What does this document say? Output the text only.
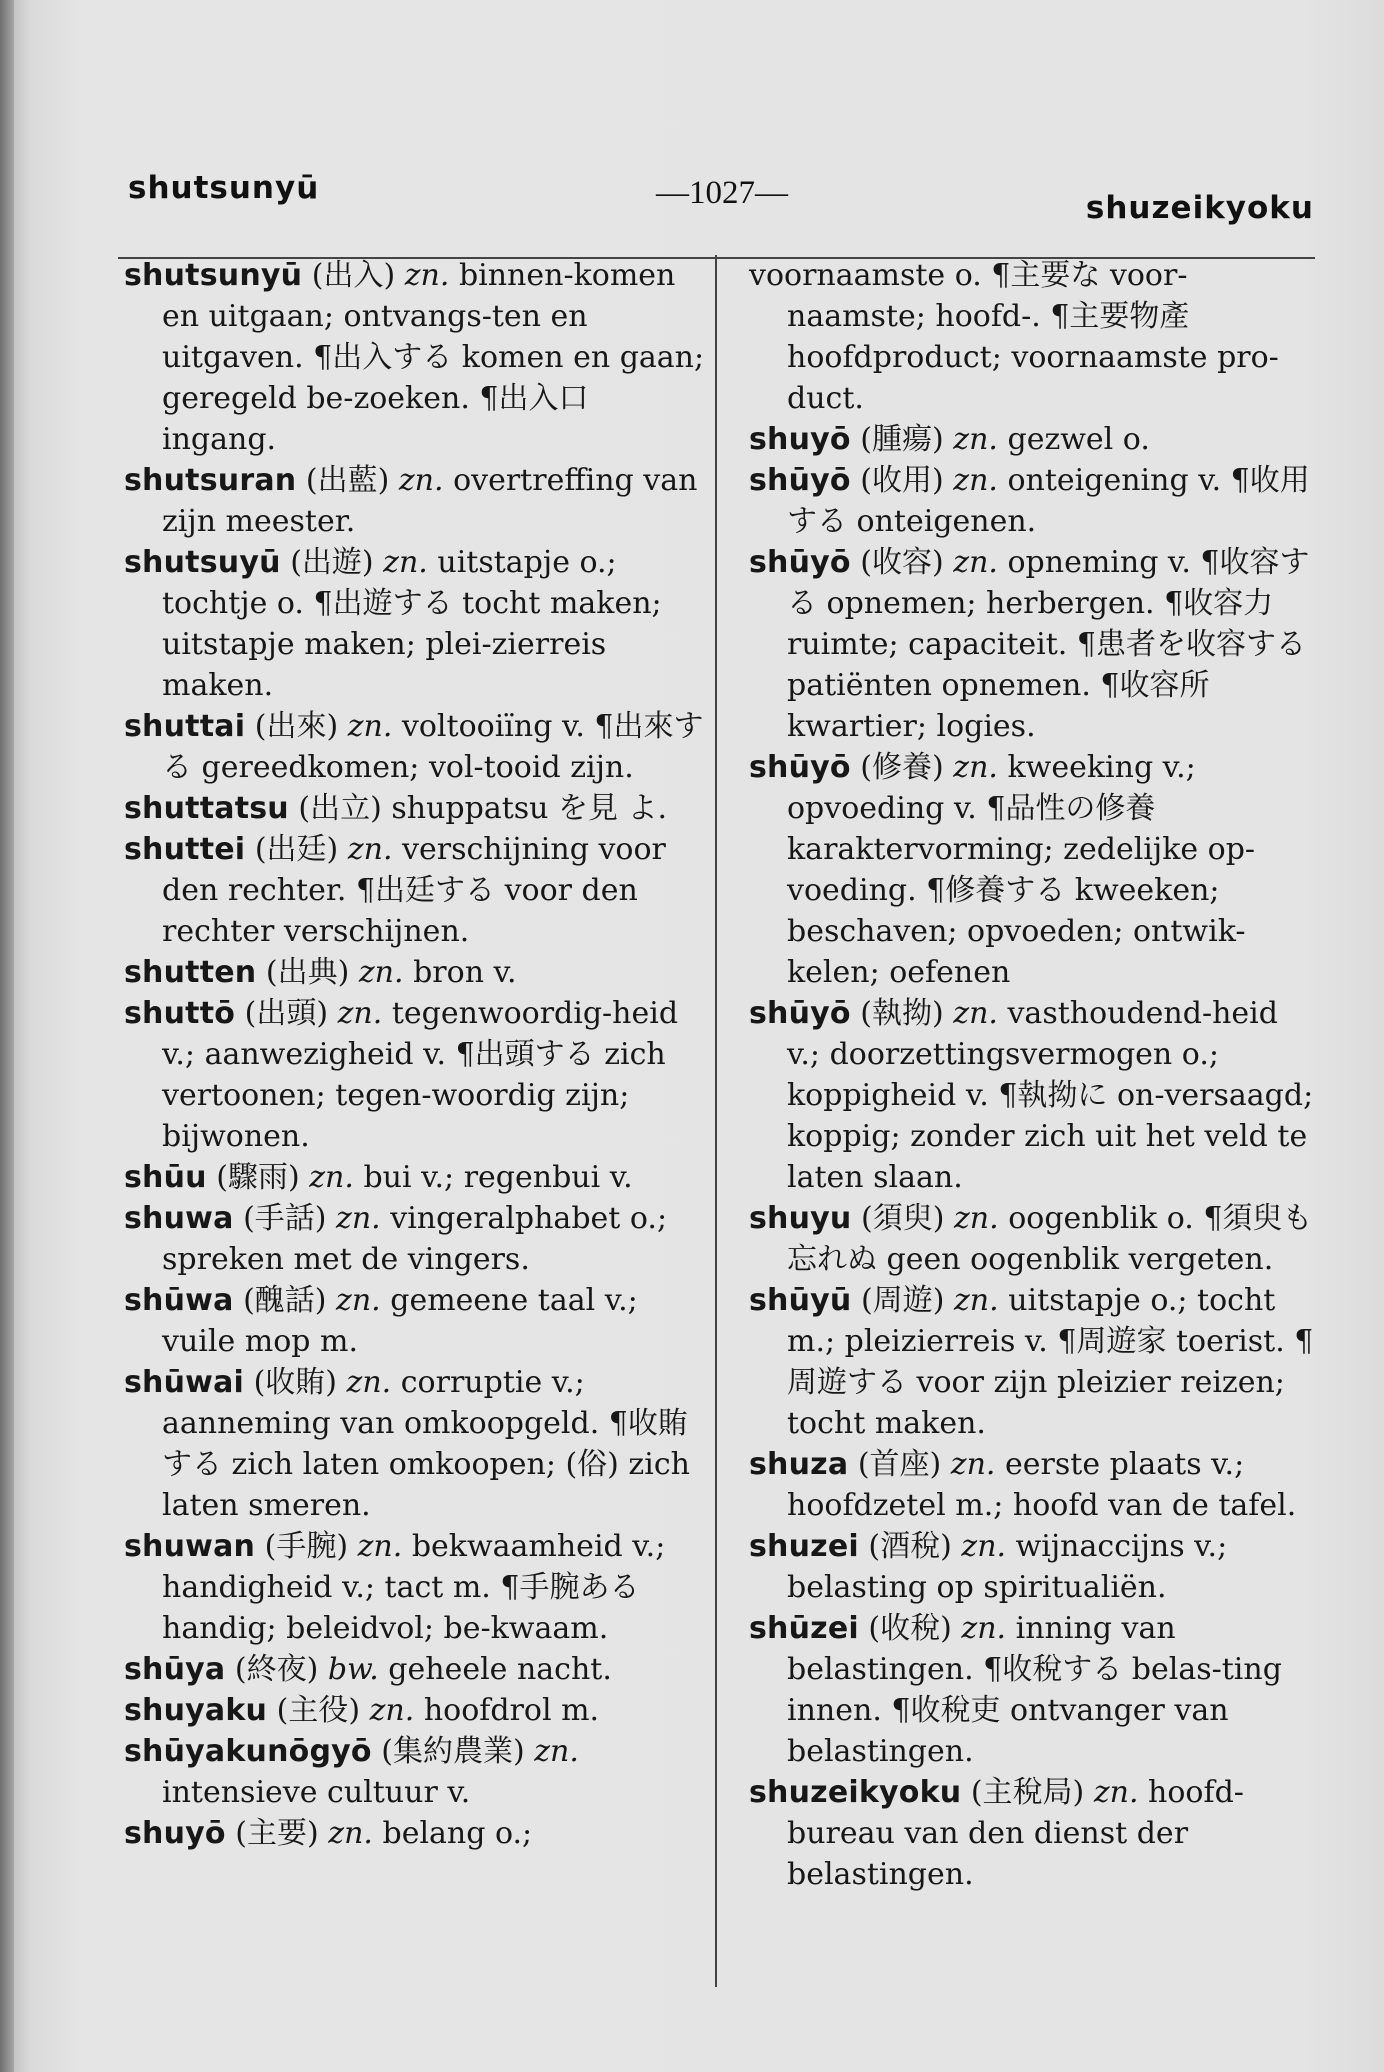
shutsunyū	—1027—	shuzeikyoku

shutsunyū (出入) zn. binnen-komen en uitgaan; ontvangs-ten en uitgaven. ¶出入する komen en gaan; geregeld be-zoeken. ¶出入口 ingang.

shutsuran (出藍) zn. overtreffing van zijn meester.

shutsuyū (出遊) zn. uitstapje o.; tochtje o. ¶出遊する tocht maken; uitstapje maken; plei-zierreis maken.

shuttai (出來) zn. voltooiïng v. ¶出來する gereedkomen; vol-tooid zijn.

shuttatsu (出立) shuppatsu を見 よ.

shuttei (出廷) zn. verschijning voor den rechter. ¶出廷する voor den rechter verschijnen.

shutten (出典) zn. bron v.

shuttō (出頭) zn. tegenwoordig-heid v.; aanwezigheid v. ¶出頭する zich vertoonen; tegen-woordig zijn; bijwonen.

shūu (驟雨) zn. bui v.; regenbui v.

shuwa (手話) zn. vingeralphabet o.; spreken met de vingers.

shūwa (醜話) zn. gemeene taal v.; vuile mop m.

shūwai (收賄) zn. corruptie v.; aanneming van omkoopgeld. ¶收賄する zich laten omkoopen; (俗) zich laten smeren.

shuwan (手腕) zn. bekwaamheid v.; handigheid v.; tact m. ¶手腕ある handig; beleidvol; be-kwaam.

shūya (終夜) bw. geheele nacht.

shuyaku (主役) zn. hoofdrol m.

shūyakunōgyō (集約農業) zn. intensieve cultuur v.

shuyō (主要) zn. belang o.;

voornaamste o. ¶主要な voor-naamste; hoofd-. ¶主要物產 hoofdproduct; voornaamste pro-duct.

shuyō (腫瘍) zn. gezwel o.

shūyō (收用) zn. onteigening v. ¶收用する onteigenen.

shūyō (收容) zn. opneming v. ¶收容する opnemen; herbergen. ¶收容力 ruimte; capaciteit. ¶患者を收容する patiënten opnemen. ¶收容所 kwartier; logies.

shūyō (修養) zn. kweeking v.; opvoeding v. ¶品性の修養 karaktervorming; zedelijke op-voeding. ¶修養する kweeken; beschaven; opvoeden; ontwik-kelen; oefenen

shūyō (執拗) zn. vasthoudend-heid v.; doorzettingsvermogen o.; koppigheid v. ¶執拗に on-versaagd; koppig; zonder zich uit het veld te laten slaan.

shuyu (須臾) zn. oogenblik o. ¶須臾も忘れぬ geen oogenblik vergeten.

shūyū (周遊) zn. uitstapje o.; tocht m.; pleizierreis v. ¶周遊家 toerist. ¶周遊する voor zijn pleizier reizen; tocht maken.

shuza (首座) zn. eerste plaats v.; hoofdzetel m.; hoofd van de tafel.

shuzei (酒稅) zn. wijnaccijns v.; belasting op spiritualiën.

shūzei (收稅) zn. inning van belastingen. ¶收稅する belas-ting innen. ¶收稅吏 ontvanger van belastingen.

shuzeikyoku (主稅局) zn. hoofd-bureau van den dienst der belastingen.
